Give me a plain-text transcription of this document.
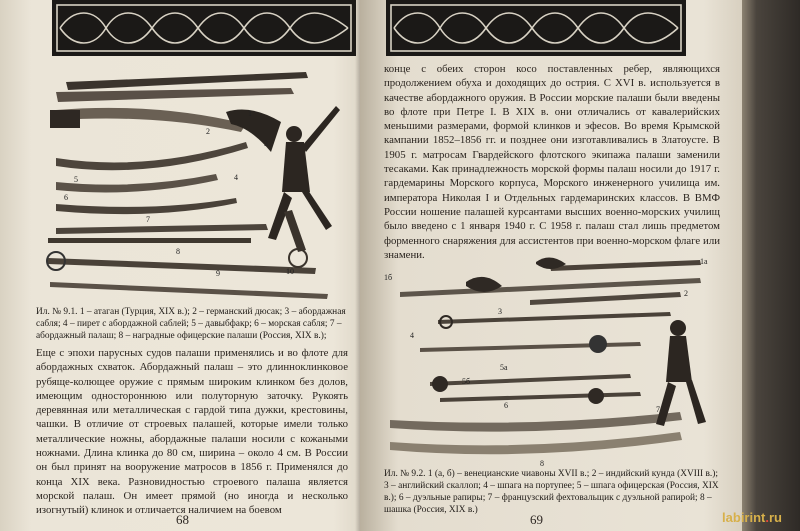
1
2
3
4
5
6
7
8
9	10
Ил. № 9.1. 1 – атаган (Турция, XIX в.); 2 – германский дюсак; 3 – абордажная сабля; 4 – пирет с абордажной саблей; 5 – давыбфакр; 6 – морская сабля; 7 – абордажный палаш; 8 – наградные офицерские палаши (Россия, XIX в.);
Еще с эпохи парусных судов палаши применялись и во флоте для абордажных схваток. Абордажный палаш – это длинноклинковое рубяще-колющее оружие с прямым широким клинком без долов, имеющим одностороннюю или полуторную заточку. Рукоять деревянная или металлическая с гардой типа дужки, крестовины, чашки. В отличие от строевых палашей, которые имели только металлические ножны, абордажные палаши носили с кожаными ножнами. Длина клинка до 80 см, ширина – около 4 см. В России он был принят на вооружение матросов в 1856 г. Применялся до конца XIX века. Разновидностью строевого палаша является морской палаш. Он имеет прямой (но иногда и несколько изогнутый) клинок и отличается наличием на боевом
68
конце с обеих сторон косо поставленных ребер, являющихся продолжением обуха и доходящих до острия. С XVI в. используется в качестве абордажного оружия. В России морские палаши были введены во флоте при Петре I. В XIX в. они отличались от кавалерийских меньшими размерами, формой клинков и эфесов. Во время Крымской кампании 1852–1856 гг. и позднее они изготавливались в Златоусте. В 1905 г. матросам Гвардейского флотского экипажа палаши заменили тесаками. Как принадлежность морской формы палаш носили до 1917 г. гардемарины Морского корпуса, Морского инженерного училища им. императора Николая I и Отдельных гардемаринских классов. В ВМФ России ношение палашей курсантами высших военно-морских училищ было введено с 1 января 1940 г. С 1958 г. палаш стал лишь предметом форменного снаряжения для ассистентов при военно-морском флаге или знамени.
1б
1а
2
3
4
5а
5б
6	7
8
Ил. № 9.2. 1 (а, б) – венецианские чиавоны XVII в.; 2 – индийский кунда (XVIII в.); 3 – английский скаллоп; 4 – шпага на портупее; 5 – шпага офицерская (Россия, XIX в.); 6 – дуэльные рапиры; 7 – французский фехтовальщик с дуэльной рапирой; 8 – шашка (Россия, XIX в.)
69	labirint.ru
